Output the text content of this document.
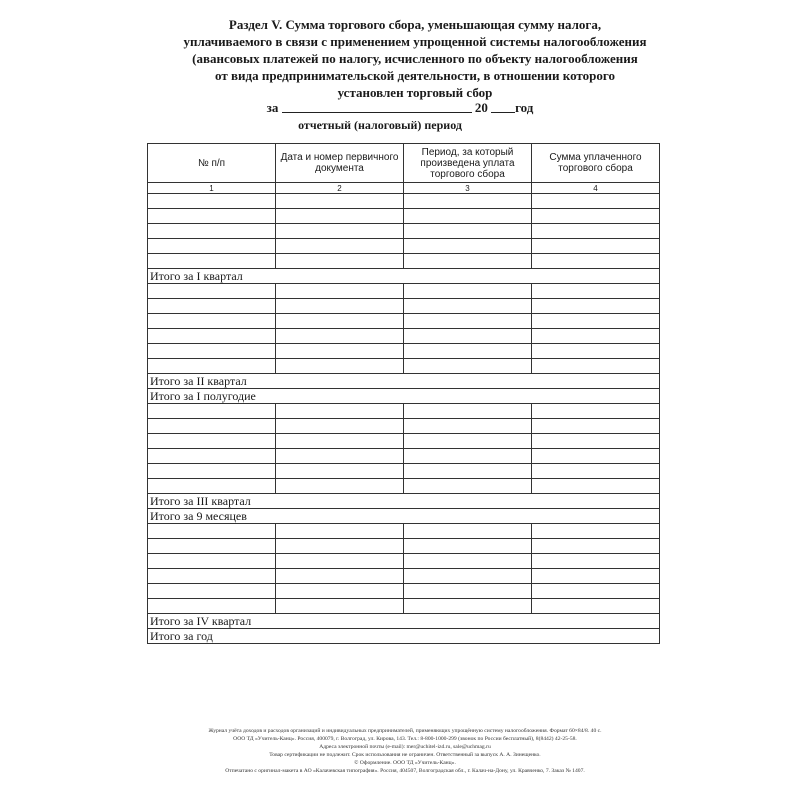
Раздел V. Сумма торгового сбора, уменьшающая сумму налога,
уплачиваемого в связи с применением упрощенной системы налогообложения
(авансовых платежей по налогу, исчисленного по объекту налогообложения
от вида предпринимательской деятельности, в отношении которого
установлен торговый сбор
за	20 год
отчетный (налоговый) период
№ п/п	Дата и номер первичного документа	Период, за который произведена уплата торгового сбора	Сумма уплаченного торгового сбора
1	2	3	4

Итого за I квартал			

Итого за II квартал			
Итого за I полугодие			

Итого за III квартал			
Итого за 9 месяцев			

Итого за IV квартал			
Итого за год			
Журнал учёта доходов и расходов организаций и индивидуальных предпринимателей, применяющих упрощённую систему налогообложения. Формат 60×84/8. 40 с.
ООО ТД «Учитель-Канц». Россия, 400079, г. Волгоград, ул. Кирова, 143. Тел.: 8-800-1000-299 (звонок по России бесплатный), 8(8442) 42-25-58.
Адреса электронной почты (e-mail): mer@uchitel-izd.ru, sale@uchmag.ru
Товар сертификации не подлежит. Срок использования не ограничен. Ответственный за выпуск А. А. Зинещенко.
© Оформление. ООО ТД «Учитель-Канц».
Отпечатано с оригинал-макета в АО «Калачевская типография». Россия, 404507, Волгоградская обл., г. Калач-на-Дону, ул. Кравченко, 7. Заказ № 1407.
